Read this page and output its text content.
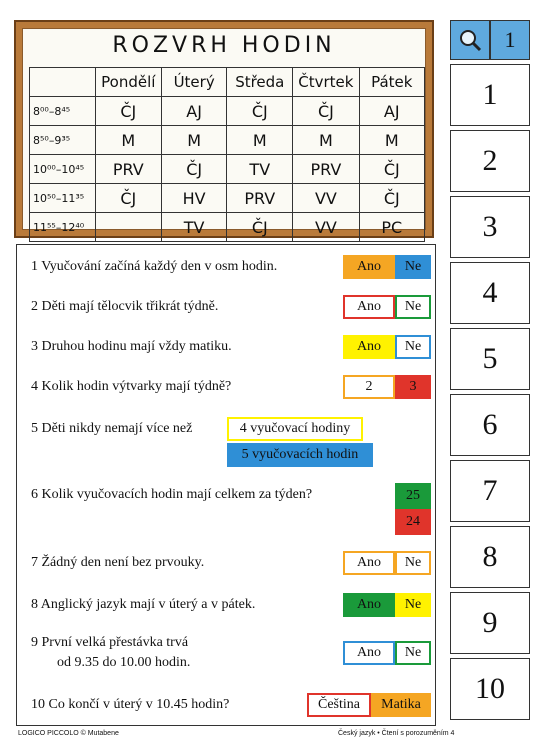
ROZVRH HODIN
	Pondělí	Úterý	Středa	Čtvrtek	Pátek
8⁰⁰–8⁴⁵	ČJ	AJ	ČJ	ČJ	AJ
8⁵⁰–9³⁵	M	M	M	M	M
10⁰⁰–10⁴⁵	PRV	ČJ	TV	PRV	ČJ
10⁵⁰–11³⁵	ČJ	HV	PRV	VV	ČJ
11⁵⁵–12⁴⁰		TV	ČJ	VV	PC
1
1
2
3
4
5
6
7
8
9
10
1 Vyučování začíná každý den v osm hodin.	Ano	Ne
2 Děti mají tělocvik třikrát týdně.	Ano	Ne
3 Druhou hodinu mají vždy matiku.	Ano	Ne
4 Kolik hodin výtvarky mají týdně?	2	3
5 Děti nikdy nemají více než	4 vyučovací hodiny
5 vyučovacích hodin
6 Kolik vyučovacích hodin mají celkem za týden?	25
24
7 Žádný den není bez prvouky.	Ano	Ne
8 Anglický jazyk mají v úterý a v pátek.	Ano	Ne
9 První velká přestávka trvá
od 9.35 do 10.00 hodin.
Ano	Ne
10 Co končí v úterý v 10.45 hodin?	Čeština	Matika
LOGICO PICCOLO © Mutabene	Český jazyk • Čtení s porozuměním 4
